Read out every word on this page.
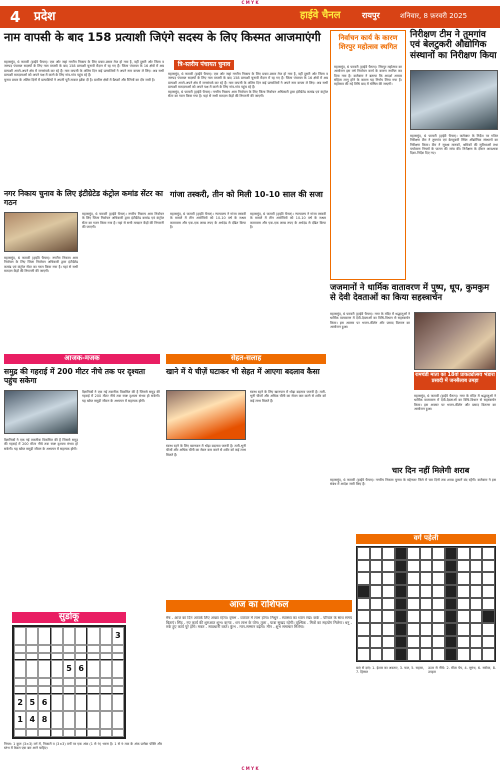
C M Y K
4 प्रदेश	हाईवे चैनल	रायपुर	शनिवार, 8 फ़रवरी 2025
नाम वापसी के बाद 158 प्रत्याशी जिएंगे सदस्य के लिए किस्मत आजमाएंगी

महासमुंद, 6 फरवरी (हाईवे चैनल)। एक ओर जहां नगरीय निकाय के लिए प्रचार-प्रसार तेज हो गया है, वहीं दूसरी ओर जिला व जनपद पंचायत सदस्यों के लिए नाम वापसी के बाद 158 प्रत्याशी चुनावी मैदान में रह गए हैं। जिला पंचायत के 16 क्षेत्रों में अब प्रत्याशी अपने-अपने क्षेत्र में जनसंपर्क कर रहे हैं। नाम वापसी के अंतिम दिन कई प्रत्याशियों ने अपने नाम वापस ले लिए। अब सभी प्रत्याशी मतदाताओं को अपने पक्ष में करने के लिए गांव-गांव पहुंच रहे हैं।

चुनाव प्रचार के अंतिम दिनों में प्रत्याशियों ने अपनी पूरी ताकत झोंक दी है। ग्रामीण क्षेत्रों में बैठकों और रैलियों का दौर जारी है।

त्रि-स्तरीय पंचायत चुनाव

महासमुंद, 6 फरवरी (हाईवे चैनल)। एक ओर जहां नगरीय निकाय के लिए प्रचार-प्रसार तेज हो गया है, वहीं दूसरी ओर जिला व जनपद पंचायत सदस्यों के लिए नाम वापसी के बाद 158 प्रत्याशी चुनावी मैदान में रह गए हैं। जिला पंचायत के 16 क्षेत्रों में अब प्रत्याशी अपने-अपने क्षेत्र में जनसंपर्क कर रहे हैं। नाम वापसी के अंतिम दिन कई प्रत्याशियों ने अपने नाम वापस ले लिए। अब सभी प्रत्याशी मतदाताओं को अपने पक्ष में करने के लिए गांव-गांव पहुंच रहे हैं।

महासमुंद, 6 फरवरी (हाईवे चैनल)। नगरीय निकाय आम निर्वाचन के लिए जिला निर्वाचन अधिकारी द्वारा इंटीग्रेटेड कमांड एवं कंट्रोल सेंटर का गठन किया गया है। यहां से सभी मतदान केंद्रों की निगरानी की जाएगी।

निर्वाचन कार्य के कारण शिरपुर महोत्सव स्थगित
महासमुंद, 6 फरवरी (हाईवे चैनल)। सिरपुर महोत्सव का आयोजन इस वर्ष निर्वाचन कार्य के कारण स्थगित कर दिया गया है। कलेक्टर ने बताया कि आदर्श आचार संहिता लागू होने के कारण यह निर्णय लिया गया है। महोत्सव की नई तिथि बाद में घोषित की जाएगी।
निरीक्षण टीम ने तुमगांव एवं बेलटुकरी औद्योगिक संस्थानों का निरीक्षण किया
महासमुंद, 6 फरवरी (हाईवे चैनल)। कलेक्टर के निर्देश पर गठित निरीक्षण टीम ने तुमगांव एवं बेलटुकरी स्थित औद्योगिक संस्थानों का निरीक्षण किया। टीम ने सुरक्षा मानकों, श्रमिकों की सुविधाओं तथा पर्यावरण नियमों के पालन की जांच की। निरीक्षण के दौरान आवश्यक दिशा-निर्देश दिए गए।
नगर निकाय चुनाव के लिए इंटीग्रेटेड कंट्रोल कमांड सेंटर का गठन
महासमुंद, 6 फरवरी (हाईवे चैनल)। नगरीय निकाय आम निर्वाचन के लिए जिला निर्वाचन अधिकारी द्वारा इंटीग्रेटेड कमांड एवं कंट्रोल सेंटर का गठन किया गया है। यहां से सभी मतदान केंद्रों की निगरानी की जाएगी।
महासमुंद, 6 फरवरी (हाईवे चैनल)। नगरीय निकाय आम निर्वाचन के लिए जिला निर्वाचन अधिकारी द्वारा इंटीग्रेटेड कमांड एवं कंट्रोल सेंटर का गठन किया गया है। यहां से सभी मतदान केंद्रों की निगरानी की जाएगी।
गांजा तस्करी, तीन को मिली 10-10 साल की सजा
महासमुंद, 6 फरवरी (हाईवे चैनल)। न्यायालय ने गांजा तस्करी के मामले में तीन आरोपियों को 10-10 वर्ष के सश्रम कारावास और एक-एक लाख रुपए के अर्थदंड से दंडित किया है।
महासमुंद, 6 फरवरी (हाईवे चैनल)। न्यायालय ने गांजा तस्करी के मामले में तीन आरोपियों को 10-10 वर्ष के सश्रम कारावास और एक-एक लाख रुपए के अर्थदंड से दंडित किया है।
जजमानों ने धार्मिक वातावरण में पुष्प, धूप, कुमकुम से देवी देवताओं का किया सहस्त्रार्चन
महासमुंद, 6 फरवरी (हाईवे चैनल)। नगर के मंदिर में श्रद्धालुओं ने धार्मिक वातावरण में देवी-देवताओं का विधि-विधान से सहस्त्रार्चन किया। इस अवसर पर भजन-कीर्तन और प्रसाद वितरण का आयोजन हुआ।
रामचंडी माता का 18वां प्राकट्योत्सव भंडारा प्रसादी में जनसैलाब उमड़ा
महासमुंद, 6 फरवरी (हाईवे चैनल)। नगर के मंदिर में श्रद्धालुओं ने धार्मिक वातावरण में देवी-देवताओं का विधि-विधान से सहस्त्रार्चन किया। इस अवसर पर भजन-कीर्तन और प्रसाद वितरण का आयोजन हुआ।
चार दिन नहीं मिलेगी शराब
महासमुंद, 6 फरवरी (हाईवे चैनल)। नगरीय निकाय चुनाव के मद्देनजर जिले में चार दिनों तक शराब दुकानें बंद रहेंगी। कलेक्टर ने इस संबंध में आदेश जारी किए हैं।
आजक-मजक
समुद्र की गहराई में 200 मीटर नीचे तक पर दृश्यता पहुंच सकेगा
वैज्ञानिकों ने एक नई तकनीक विकसित की है जिससे समुद्र की गहराई में 200 मीटर नीचे तक स्पष्ट दृश्यता संभव हो सकेगी। यह खोज समुद्री जीवन के अध्ययन में सहायक होगी।
वैज्ञानिकों ने एक नई तकनीक विकसित की है जिससे समुद्र की गहराई में 200 मीटर नीचे तक स्पष्ट दृश्यता संभव हो सकेगी। यह खोज समुद्री जीवन के अध्ययन में सहायक होगी।
सेहत-सलाह
खाने में ये चीज़ें घटाकर भी सेहत में आएगा बदलाव कैसा
स्वस्थ रहने के लिए खानपान में थोड़ा बदलाव जरूरी है। तली-भुनी चीजों और अधिक चीनी का सेवन कम करने से शरीर को कई लाभ मिलते हैं।
स्वस्थ रहने के लिए खानपान में थोड़ा बदलाव जरूरी है। तली-भुनी चीजों और अधिक चीनी का सेवन कम करने से शरीर को कई लाभ मिलते हैं।
वर्ग पहेली
बाएं से दाएं: 1. ईश्वर का अवतार, 3. फल, 5. सहारा, 7. हिम्मत
ऊपर से नीचे: 2. मीठा पेय, 4. सुगंध, 6. सरोवर, 8. उपहार
सुडोकू
3
5 6
2 5 6
1 4 8
नियम: 1 कुल (3×3) वर्ग में, निकालें व (3×3) वर्गों पर एक अंक (1 से 9) भरना है। 1 से 9 तक के अंक प्रत्येक पंक्ति और स्तंभ में केवल एक बार आने चाहिए।
आज का राशिफल
मेष - आज का दिन आपके लिए अच्छा रहेगा। वृषभ - व्यापार में लाभ होगा। मिथुन - स्वास्थ्य का ध्यान रखें। कर्क - परिवार के साथ समय बिताएं। सिंह - नए कार्य की शुरुआत शुभ। कन्या - धन लाभ के योग। तुला - यात्रा सुखद रहेगी। वृश्चिक - मित्रों का सहयोग मिलेगा। धनु - रुके हुए कार्य पूरे होंगे। मकर - सावधानी बरतें। कुंभ - मान-सम्मान बढ़ेगा। मीन - शुभ समाचार मिलेगा।
C M Y K
